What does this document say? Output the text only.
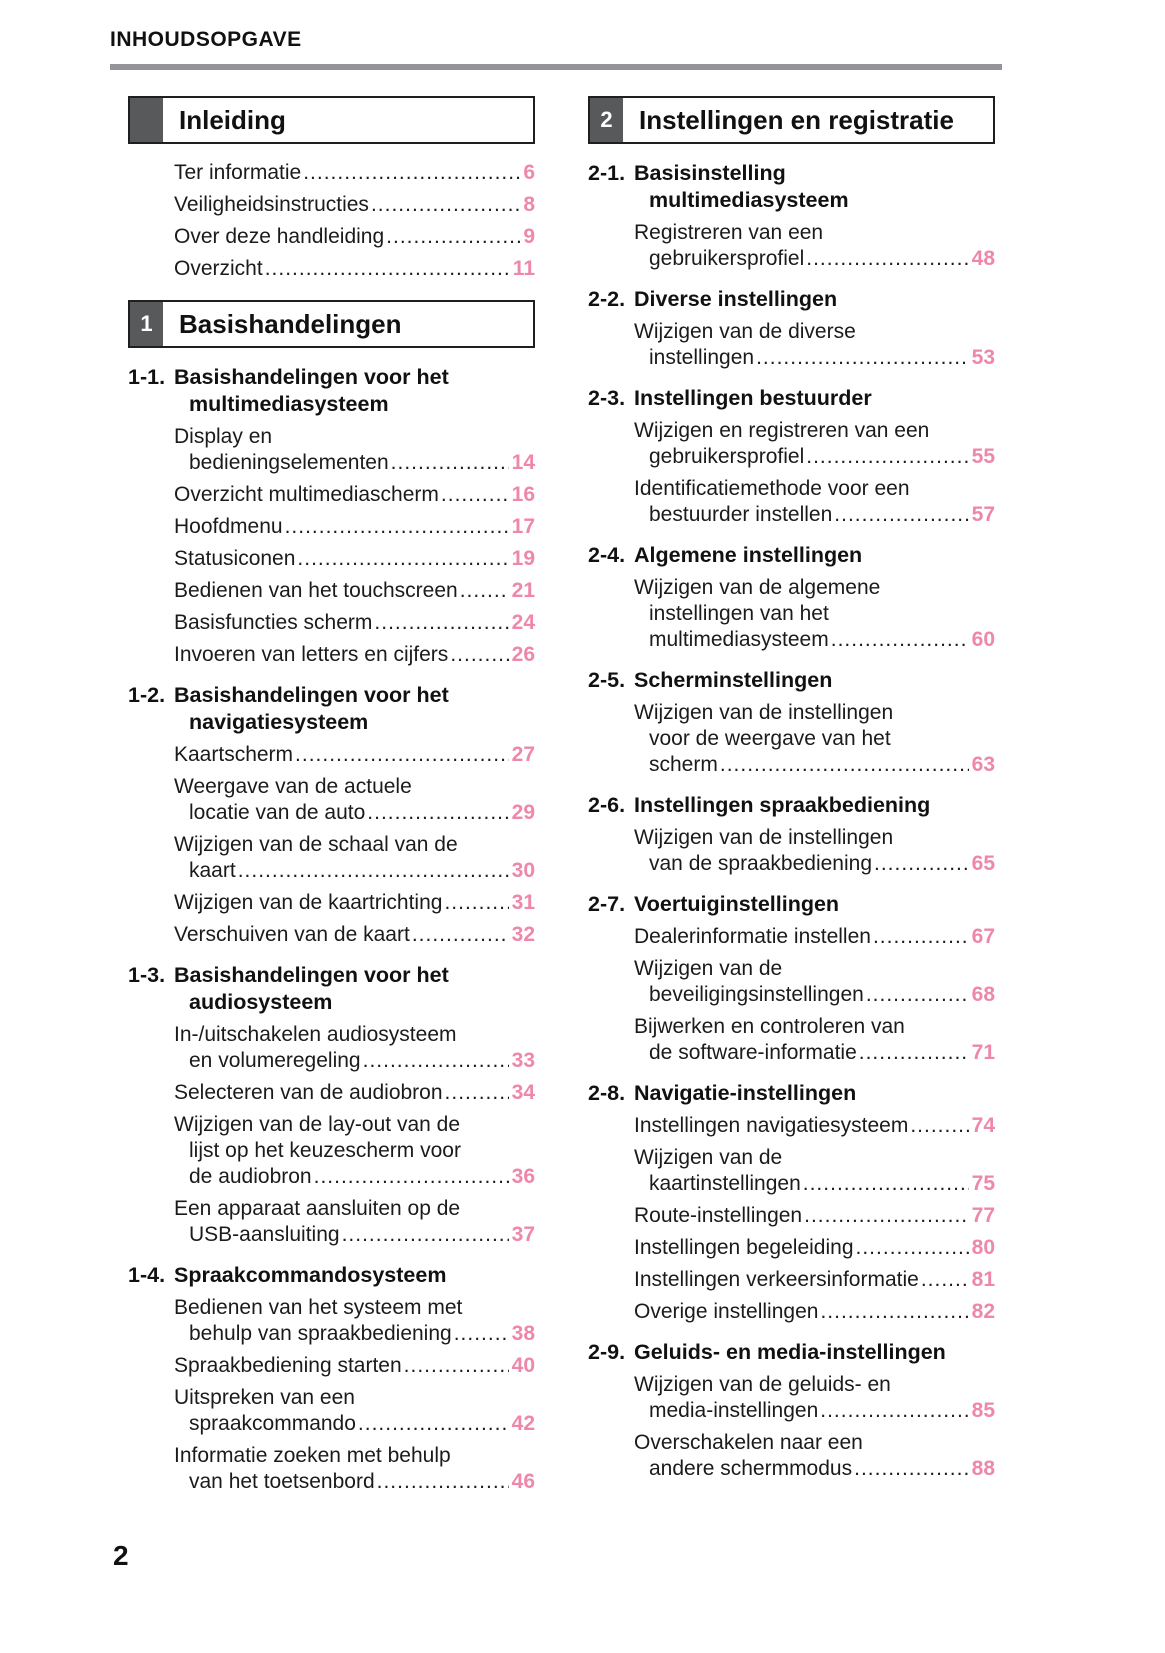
INHOUDSOPGAVE
Inleiding
Ter informatie .....	6
Veiligheidsinstructies .....	8
Over deze handleiding .....	9
Overzicht .....	11
1	Basishandelingen
1-1. Basishandelingen voor het
multimediasysteem
Display en
bedieningselementen .....	14
Overzicht multimediascherm .....	16
Hoofdmenu .....	17
Statusiconen .....	19
Bedienen van het touchscreen .....	21
Basisfuncties scherm .....	24
Invoeren van letters en cijfers .....	26
1-2. Basishandelingen voor het
navigatiesysteem
Kaartscherm .....	27
Weergave van de actuele
locatie van de auto .....	29
Wijzigen van de schaal van de
kaart .....	30
Wijzigen van de kaartrichting .....	31
Verschuiven van de kaart .....	32
1-3. Basishandelingen voor het
audiosysteem
In-/uitschakelen audiosysteem
en volumeregeling .....	33
Selecteren van de audiobron .....	34
Wijzigen van de lay-out van de
lijst op het keuzescherm voor
de audiobron .....	36
Een apparaat aansluiten op de
USB-aansluiting .....	37
1-4. Spraakcommandosysteem
Bedienen van het systeem met
behulp van spraakbediening .....	38
Spraakbediening starten .....	40
Uitspreken van een
spraakcommando .....	42
Informatie zoeken met behulp
van het toetsenbord .....	46
2	Instellingen en registratie
2-1. Basisinstelling
multimediasysteem
Registreren van een
gebruikersprofiel .....	48
2-2. Diverse instellingen
Wijzigen van de diverse
instellingen .....	53
2-3. Instellingen bestuurder
Wijzigen en registreren van een
gebruikersprofiel .....	55
Identificatiemethode voor een
bestuurder instellen .....	57
2-4. Algemene instellingen
Wijzigen van de algemene
instellingen van het
multimediasysteem .....	60
2-5. Scherminstellingen
Wijzigen van de instellingen
voor de weergave van het
scherm .....	63
2-6. Instellingen spraakbediening
Wijzigen van de instellingen
van de spraakbediening .....	65
2-7. Voertuiginstellingen
Dealerinformatie instellen .....	67
Wijzigen van de
beveiligingsinstellingen .....	68
Bijwerken en controleren van
de software-informatie .....	71
2-8. Navigatie-instellingen
Instellingen navigatiesysteem .....	74
Wijzigen van de
kaartinstellingen .....	75
Route-instellingen .....	77
Instellingen begeleiding .....	80
Instellingen verkeersinformatie .....	81
Overige instellingen .....	82
2-9. Geluids- en media-instellingen
Wijzigen van de geluids- en
media-instellingen .....	85
Overschakelen naar een
andere schermmodus .....	88
2
